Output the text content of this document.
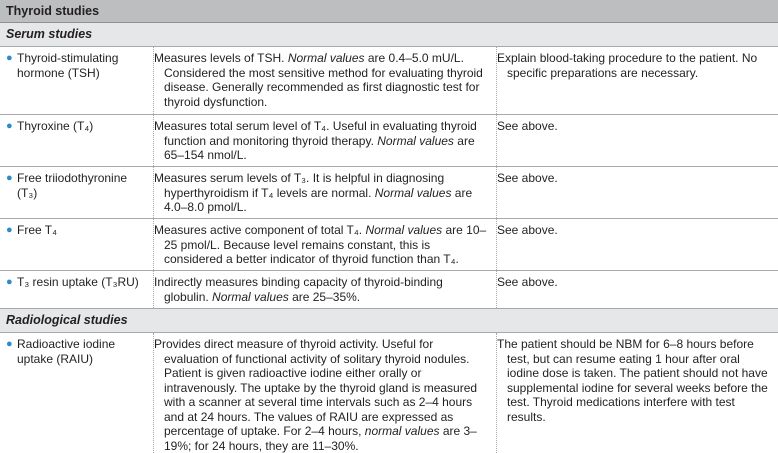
Thyroid studies
Serum studies
● Thyroid-stimulating hormone (TSH)
Measures levels of TSH. Normal values are 0.4–5.0 mU/L. Considered the most sensitive method for evaluating thyroid disease. Generally recommended as first diagnostic test for thyroid dysfunction.
Explain blood-taking procedure to the patient. No specific preparations are necessary.
● Thyroxine (T₄)	Measures total serum level of T₄. Useful in evaluating thyroid function and monitoring thyroid therapy. Normal values are 65–154 nmol/L.
See above.
● Free triiodothyronine (T₃)
Measures serum levels of T₃. It is helpful in diagnosing hyperthyroidism if T₄ levels are normal. Normal values are 4.0–8.0 pmol/L.
See above.
● Free T₄	Measures active component of total T₄. Normal values are 10–25 pmol/L. Because level remains constant, this is considered a better indicator of thyroid function than T₄.
See above.
● T₃ resin uptake (T₃RU) Indirectly measures binding capacity of thyroid-binding globulin. Normal values are 25–35%.
See above.
Radiological studies
● Radioactive iodine uptake (RAIU)
Provides direct measure of thyroid activity. Useful for evaluation of functional activity of solitary thyroid nodules. Patient is given radioactive iodine either orally or intravenously. The uptake by the thyroid gland is measured with a scanner at several time intervals such as 2–4 hours and at 24 hours. The values of RAIU are expressed as percentage of uptake. For 2–4 hours, normal values are 3–19%; for 24 hours, they are 11–30%.
The patient should be NBM for 6–8 hours before test, but can resume eating 1 hour after oral iodine dose is taken. The patient should not have supplemental iodine for several weeks before the test. Thyroid medications interfere with test results.
